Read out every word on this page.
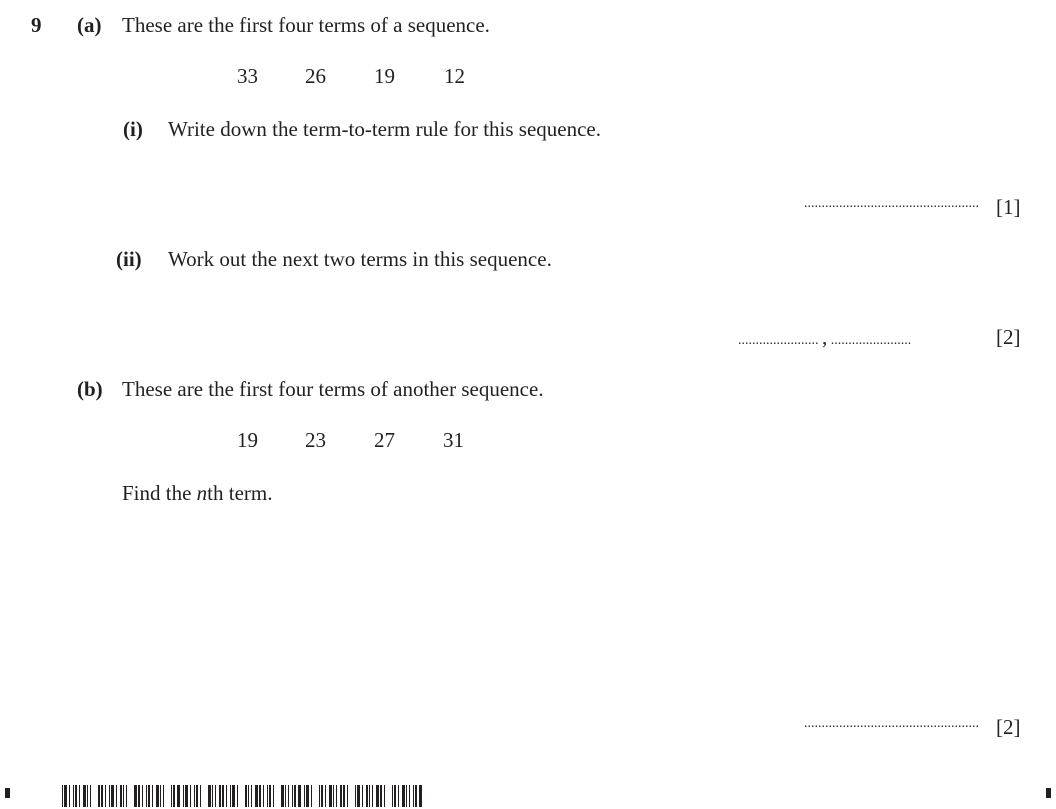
9 (a) These are the first four terms of a sequence.
33 26 19 12
(i) Write down the term-to-term rule for this sequence.
.................................................. [1]
(ii) Work out the next two terms in this sequence.
....................... , .......................	[2]
(b) These are the first four terms of another sequence.
19 23 27 31
Find the nth term.
.................................................. [2]
